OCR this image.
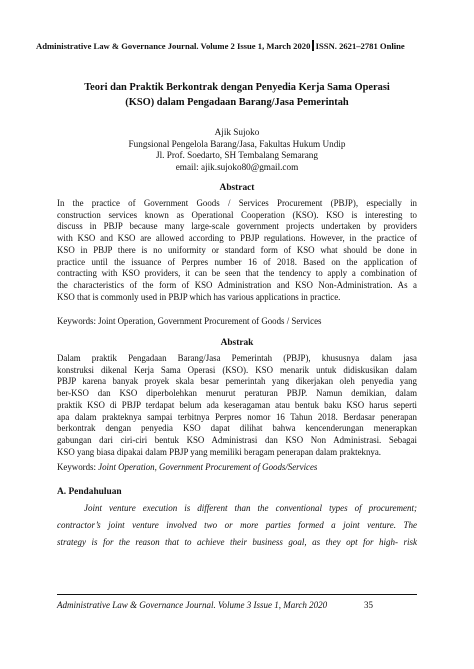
Administrative Law & Governance Journal. Volume 2 Issue 1, March 2020 ISSN. 2621–2781 Online
Teori dan Praktik Berkontrak dengan Penyedia Kerja Sama Operasi
(KSO) dalam Pengadaan Barang/Jasa Pemerintah
Ajik Sujoko
Fungsional Pengelola Barang/Jasa, Fakultas Hukum Undip
Jl. Prof. Soedarto, SH Tembalang Semarang
email: ajik.sujoko80@gmail.com
Abstract
In the practice of Government Goods / Services Procurement (PBJP), especially in
construction services known as Operational Cooperation (KSO). KSO is interesting to
discuss in PBJP because many large-scale government projects undertaken by providers
with KSO and KSO are allowed according to PBJP regulations. However, in the practice of
KSO in PBJP there is no uniformity or standard form of KSO what should be done in
practice until the issuance of Perpres number 16 of 2018. Based on the application of
contracting with KSO providers, it can be seen that the tendency to apply a combination of
the characteristics of the form of KSO Administration and KSO Non-Administration. As a
KSO that is commonly used in PBJP which has various applications in practice.
Keywords: Joint Operation, Government Procurement of Goods / Services
Abstrak
Dalam praktik Pengadaan Barang/Jasa Pemerintah (PBJP), khususnya dalam jasa
konstruksi dikenal Kerja Sama Operasi (KSO). KSO menarik untuk didiskusikan dalam
PBJP karena banyak proyek skala besar pemerintah yang dikerjakan oleh penyedia yang
ber-KSO dan KSO diperbolehkan menurut peraturan PBJP. Namun demikian, dalam
praktik KSO di PBJP terdapat belum ada keseragaman atau bentuk baku KSO harus seperti
apa dalam prakteknya sampai terbitnya Perpres nomor 16 Tahun 2018. Berdasar penerapan
berkontrak dengan penyedia KSO dapat dilihat bahwa kencenderungan menerapkan
gabungan dari ciri-ciri bentuk KSO Administrasi dan KSO Non Administrasi. Sebagai
KSO yang biasa dipakai dalam PBJP yang memiliki beragam penerapan dalam prakteknya.
Keywords: Joint Operation, Government Procurement of Goods/Services
A. Pendahuluan
Joint venture execution is different than the conventional types of procurement;
contractor’s joint venture involved two or more parties formed a joint venture. The
strategy is for the reason that to achieve their business goal, as they opt for high- risk
Administrative Law & Governance Journal. Volume 3 Issue 1, March 2020	35
